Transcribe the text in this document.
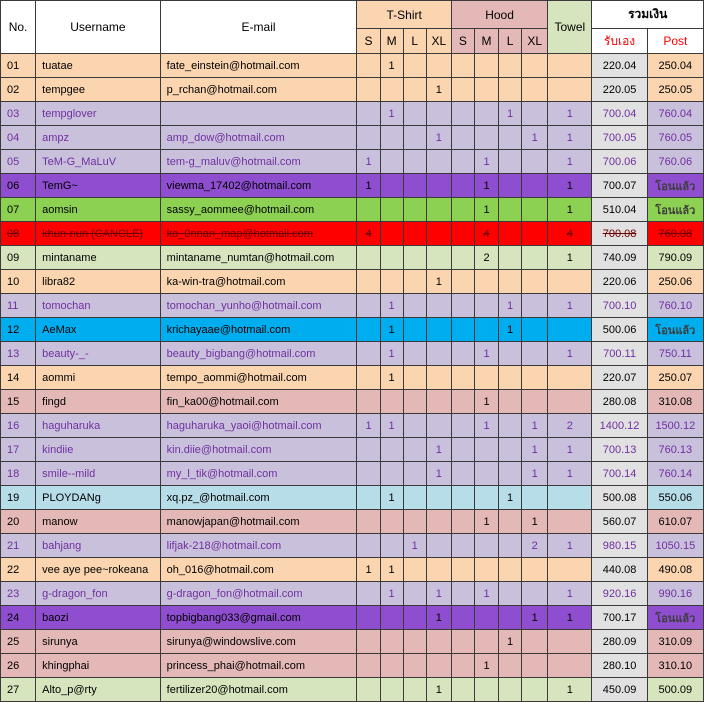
No.	Username	E-mail	T-Shirt				Hood				Towel	รวมเงิน	
			S	M	L	XL	S	M	L	XL		รับเอง	Post
01	tuatae	fate_einstein@hotmail.com		1								220.04	250.04
02	tempgee	p_rchan@hotmail.com				1						220.05	250.05
03	tempglover			1					1		1	700.04	760.04
04	ampz	amp_dow@hotmail.com				1				1	1	700.05	760.05
05	TeM-G_MaLuV	tem-g_maluv@hotmail.com	1					1			1	700.06	760.06
06	TemG~	viewma_17402@hotmail.com	1					1			1	700.07	โอนแล้ว
07	aomsin	sassy_aommee@hotmail.com						1			1	510.04	โอนแล้ว
08	khun-nun (CANCLE)	ko_0nnan_map@hotmail.com	4					4			4	700.08	760.08
09	mintaname	mintaname_numtan@hotmail.com						2			1	740.09	790.09
10	libra82	ka-win-tra@hotmail.com				1						220.06	250.06
11	tomochan	tomochan_yunho@hotmail.com		1					1		1	700.10	760.10
12	AeMax	krichayaae@hotmail.com		1					1			500.06	โอนแล้ว
13	beauty-_-	beauty_bigbang@hotmail.com		1				1			1	700.11	750.11
14	aommi	tempo_aommi@hotmail.com		1								220.07	250.07
15	fingd	fin_ka00@hotmail.com						1				280.08	310.08
16	haguharuka	haguharuka_yaoi@hotmail.com	1	1				1		1	2	1400.12	1500.12
17	kindiie	kin.diie@hotmail.com				1				1	1	700.13	760.13
18	smile--mild	my_l_tik@hotmail.com				1				1	1	700.14	760.14
19	PLOYDANg	xq.pz_@hotmail.com		1					1			500.08	550.06
20	manow	manowjapan@hotmail.com						1		1		560.07	610.07
21	bahjang	lifjak-218@hotmail.com			1					2	1	980.15	1050.15
22	vee aye pee~rokeana	oh_016@hotmail.com	1	1								440.08	490.08
23	g-dragon_fon	g-dragon_fon@hotmail.com		1		1		1			1	920.16	990.16
24	baozi	topbigbang033@gmail.com				1				1	1	700.17	โอนแล้ว
25	sirunya	sirunya@windowslive.com							1			280.09	310.09
26	khingphai	princess_phai@hotmail.com						1				280.10	310.10
27	Alto_p@rty	fertilizer20@hotmail.com				1					1	450.09	500.09
